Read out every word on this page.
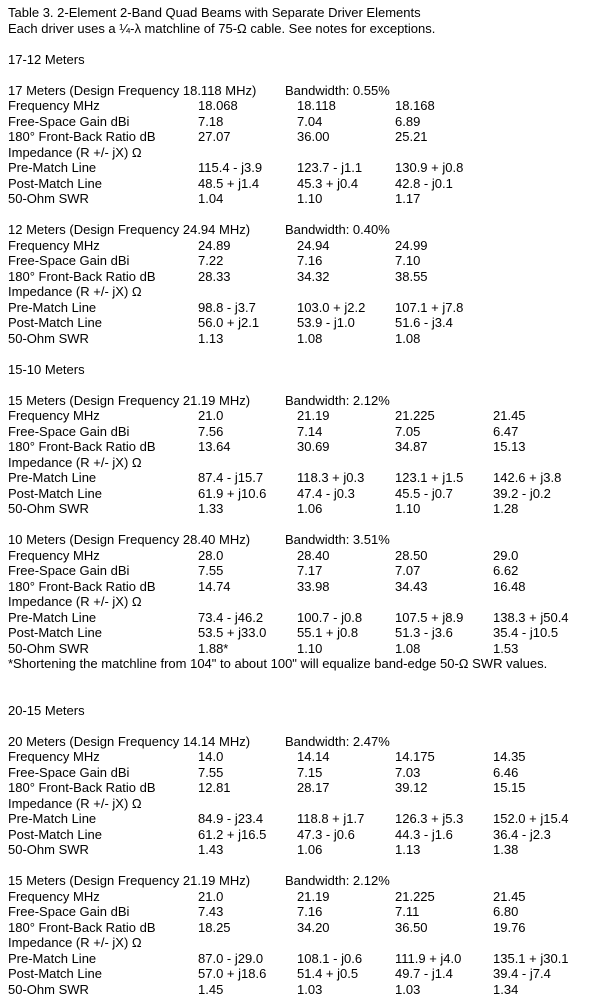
Table 3. 2-Element 2-Band Quad Beams with Separate Driver Elements
Each driver uses a ¼-λ matchline of 75-Ω cable. See notes for exceptions.
17-12 Meters
17 Meters (Design Frequency 18.118 MHz) Bandwidth: 0.55%
Frequency MHz	18.068	18.118	18.168
Free-Space Gain dBi	7.18	7.04	6.89
180° Front-Back Ratio dB	27.07	36.00	25.21
Impedance (R +/- jX) Ω
Pre-Match Line	115.4 - j3.9	123.7 - j1.1	130.9 + j0.8
Post-Match Line	48.5 + j1.4	45.3 + j0.4	42.8 - j0.1
50-Ohm SWR	1.04	1.10	1.17
12 Meters (Design Frequency 24.94 MHz)	Bandwidth: 0.40%
Frequency MHz	24.89	24.94	24.99
Free-Space Gain dBi	7.22	7.16	7.10
180° Front-Back Ratio dB	28.33	34.32	38.55
Impedance (R +/- jX) Ω
Pre-Match Line	98.8 - j3.7	103.0 + j2.2	107.1 + j7.8
Post-Match Line	56.0 + j2.1	53.9 - j1.0	51.6 - j3.4
50-Ohm SWR	1.13	1.08	1.08
15-10 Meters
15 Meters (Design Frequency 21.19 MHz)	Bandwidth: 2.12%
Frequency MHz	21.0	21.19	21.225	21.45
Free-Space Gain dBi	7.56	7.14	7.05	6.47
180° Front-Back Ratio dB	13.64	30.69	34.87	15.13
Impedance (R +/- jX) Ω
Pre-Match Line	87.4 - j15.7	118.3 + j0.3	123.1 + j1.5	142.6 + j3.8
Post-Match Line	61.9 + j10.6	47.4 - j0.3	45.5 - j0.7	39.2 - j0.2
50-Ohm SWR	1.33	1.06	1.10	1.28
10 Meters (Design Frequency 28.40 MHz)	Bandwidth: 3.51%
Frequency MHz	28.0	28.40	28.50	29.0
Free-Space Gain dBi	7.55	7.17	7.07	6.62
180° Front-Back Ratio dB	14.74	33.98	34.43	16.48
Impedance (R +/- jX) Ω
Pre-Match Line	73.4 - j46.2	100.7 - j0.8	107.5 + j8.9	138.3 + j50.4
Post-Match Line	53.5 + j33.0	55.1 + j0.8	51.3 - j3.6	35.4 - j10.5
50-Ohm SWR	1.88*	1.10	1.08	1.53
*Shortening the matchline from 104" to about 100" will equalize band-edge 50-Ω SWR values.
20-15 Meters
20 Meters (Design Frequency 14.14 MHz)	Bandwidth: 2.47%
Frequency MHz	14.0	14.14	14.175	14.35
Free-Space Gain dBi	7.55	7.15	7.03	6.46
180° Front-Back Ratio dB	12.81	28.17	39.12	15.15
Impedance (R +/- jX) Ω
Pre-Match Line	84.9 - j23.4	118.8 + j1.7	126.3 + j5.3	152.0 + j15.4
Post-Match Line	61.2 + j16.5	47.3 - j0.6	44.3 - j1.6	36.4 - j2.3
50-Ohm SWR	1.43	1.06	1.13	1.38
15 Meters (Design Frequency 21.19 MHz)	Bandwidth: 2.12%
Frequency MHz	21.0	21.19	21.225	21.45
Free-Space Gain dBi	7.43	7.16	7.11	6.80
180° Front-Back Ratio dB	18.25	34.20	36.50	19.76
Impedance (R +/- jX) Ω
Pre-Match Line	87.0 - j29.0	108.1 - j0.6	111.9 + j4.0	135.1 + j30.1
Post-Match Line	57.0 + j18.6	51.4 + j0.5	49.7 - j1.4	39.4 - j7.4
50-Ohm SWR	1.45	1.03	1.03	1.34
